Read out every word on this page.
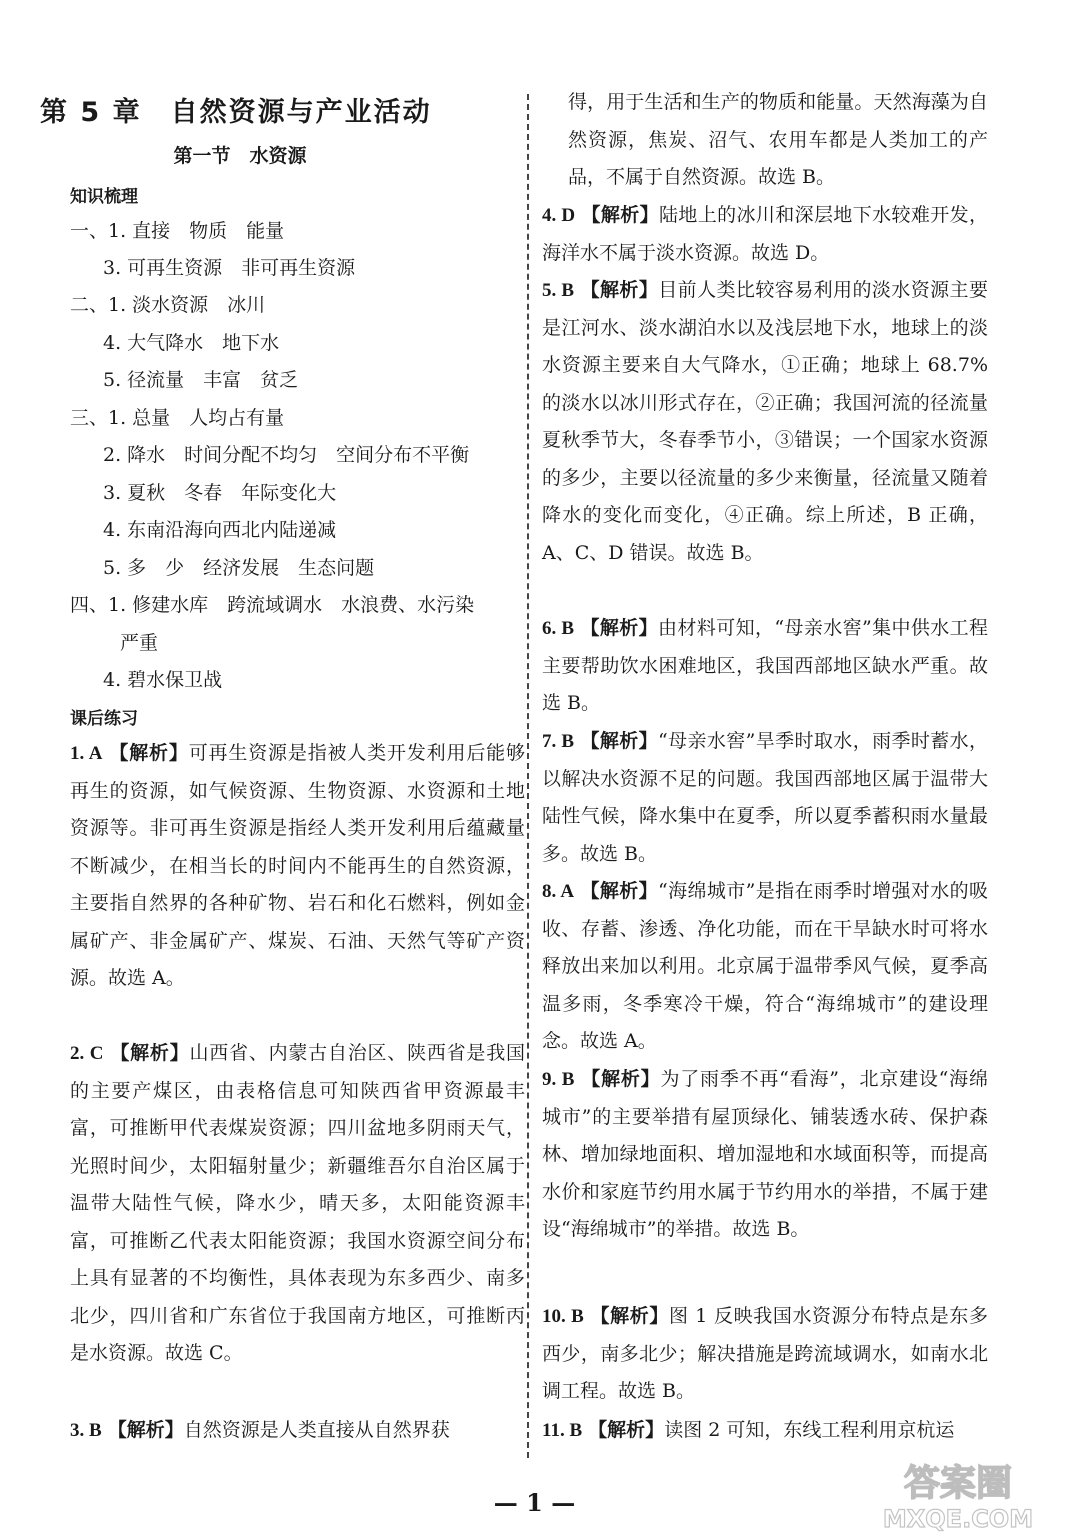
第 5 章　自然资源与产业活动
第一节　水资源
知识梳理
一、1. 直接　物质　能量
3. 可再生资源　非可再生资源
二、1. 淡水资源　冰川
4. 大气降水　地下水
5. 径流量　丰富　贫乏
三、1. 总量　人均占有量
2. 降水　时间分配不均匀　空间分布不平衡
3. 夏秋　冬春　年际变化大
4. 东南沿海向西北内陆递减
5. 多　少　经济发展　生态问题
四、1. 修建水库　跨流域调水　水浪费、水污染
严重
4. 碧水保卫战
课后练习
1. A 【解析】可再生资源是指被人类开发利用后能够再生的资源，如气候资源、生物资源、水资源和土地资源等。非可再生资源是指经人类开发利用后蕴藏量不断减少，在相当长的时间内不能再生的自然资源，主要指自然界的各种矿物、岩石和化石燃料，例如金属矿产、非金属矿产、煤炭、石油、天然气等矿产资源。故选 A。
2. C 【解析】山西省、内蒙古自治区、陕西省是我国的主要产煤区，由表格信息可知陕西省甲资源最丰富，可推断甲代表煤炭资源；四川盆地多阴雨天气，光照时间少，太阳辐射量少；新疆维吾尔自治区属于温带大陆性气候，降水少，晴天多，太阳能资源丰富，可推断乙代表太阳能资源；我国水资源空间分布上具有显著的不均衡性，具体表现为东多西少、南多北少，四川省和广东省位于我国南方地区，可推断丙是水资源。故选 C。
3. B 【解析】自然资源是人类直接从自然界获
得，用于生活和生产的物质和能量。天然海藻为自然资源，焦炭、沼气、农用车都是人类加工的产品，不属于自然资源。故选 B。
4. D 【解析】陆地上的冰川和深层地下水较难开发，海洋水不属于淡水资源。故选 D。
5. B 【解析】目前人类比较容易利用的淡水资源主要是江河水、淡水湖泊水以及浅层地下水，地球上的淡水资源主要来自大气降水，①正确；地球上 68.7% 的淡水以冰川形式存在，②正确；我国河流的径流量夏秋季节大，冬春季节小，③错误；一个国家水资源的多少，主要以径流量的多少来衡量，径流量又随着降水的变化而变化，④正确。综上所述，B 正确，A、C、D 错误。故选 B。
6. B 【解析】由材料可知，“母亲水窖”集中供水工程主要帮助饮水困难地区，我国西部地区缺水严重。故选 B。
7. B 【解析】“母亲水窖”旱季时取水，雨季时蓄水，以解决水资源不足的问题。我国西部地区属于温带大陆性气候，降水集中在夏季，所以夏季蓄积雨水量最多。故选 B。
8. A 【解析】“海绵城市”是指在雨季时增强对水的吸收、存蓄、渗透、净化功能，而在干旱缺水时可将水释放出来加以利用。北京属于温带季风气候，夏季高温多雨，冬季寒冷干燥，符合“海绵城市”的建设理念。故选 A。
9. B 【解析】为了雨季不再“看海”，北京建设“海绵城市”的主要举措有屋顶绿化、铺装透水砖、保护森林、增加绿地面积、增加湿地和水域面积等，而提高水价和家庭节约用水属于节约用水的举措，不属于建设“海绵城市”的举措。故选 B。
10. B 【解析】图 1 反映我国水资源分布特点是东多西少，南多北少；解决措施是跨流域调水，如南水北调工程。故选 B。
11. B 【解析】读图 2 可知，东线工程利用京杭运
— 1 —	答案圈
MXQE.COM
